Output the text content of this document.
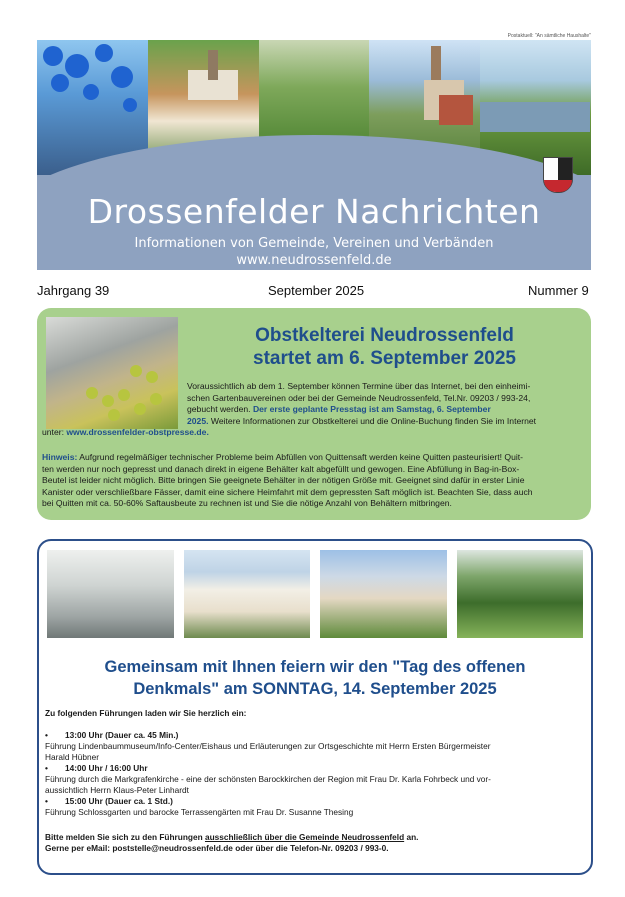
Postaktuell: "An sämtliche Haushalte"
Drossenfelder Nachrichten
Informationen von Gemeinde, Vereinen und Verbänden
www.neudrossenfeld.de
Jahrgang 39	September 2025	Nummer 9
Obstkelterei Neudrossenfeld
startet am 6. September 2025
Voraussichtlich ab dem 1. September können Termine über das Internet, bei den einheimi-
schen Gartenbauvereinen oder bei der Gemeinde Neudrossenfeld, Tel.Nr. 09203 / 993-24,
gebucht werden. Der erste geplante Presstag ist am Samstag, 6. September
2025. Weitere Informationen zur Obstkelterei und die Online-Buchung finden Sie im Internet
unter: www.drossenfelder-obstpresse.de.
Hinweis: Aufgrund regelmäßiger technischer Probleme beim Abfüllen von Quittensaft werden keine Quitten pasteurisiert! Quit-
ten werden nur noch gepresst und danach direkt in eigene Behälter kalt abgefüllt und gewogen. Eine Abfüllung in Bag-in-Box-
Beutel ist leider nicht möglich. Bitte bringen Sie geeignete Behälter in der nötigen Größe mit. Geeignet sind dafür in erster Linie
Kanister oder verschließbare Fässer, damit eine sichere Heimfahrt mit dem gepressten Saft möglich ist. Beachten Sie, dass auch
bei Quitten mit ca. 50-60% Saftausbeute zu rechnen ist und Sie die nötige Anzahl von Behältern mitbringen.
Gemeinsam mit Ihnen feiern wir den "Tag des offenen
Denkmals" am SONNTAG, 14. September 2025
Zu folgenden Führungen laden wir Sie herzlich ein:
• 13:00 Uhr (Dauer ca. 45 Min.)
Führung Lindenbaummuseum/Info-Center/Eishaus und Erläuterungen zur Ortsgeschichte mit Herrn Ersten Bürgermeister
Harald Hübner
• 14:00 Uhr / 16:00 Uhr
Führung durch die Markgrafenkirche - eine der schönsten Barockkirchen der Region mit Frau Dr. Karla Fohrbeck und vor-
aussichtlich Herrn Klaus-Peter Linhardt
• 15:00 Uhr (Dauer ca. 1 Std.)
Führung Schlossgarten und barocke Terrassengärten mit Frau Dr. Susanne Thesing
Bitte melden Sie sich zu den Führungen ausschließlich über die Gemeinde Neudrossenfeld an.
Gerne per eMail: poststelle@neudrossenfeld.de oder über die Telefon-Nr. 09203 / 993-0.
